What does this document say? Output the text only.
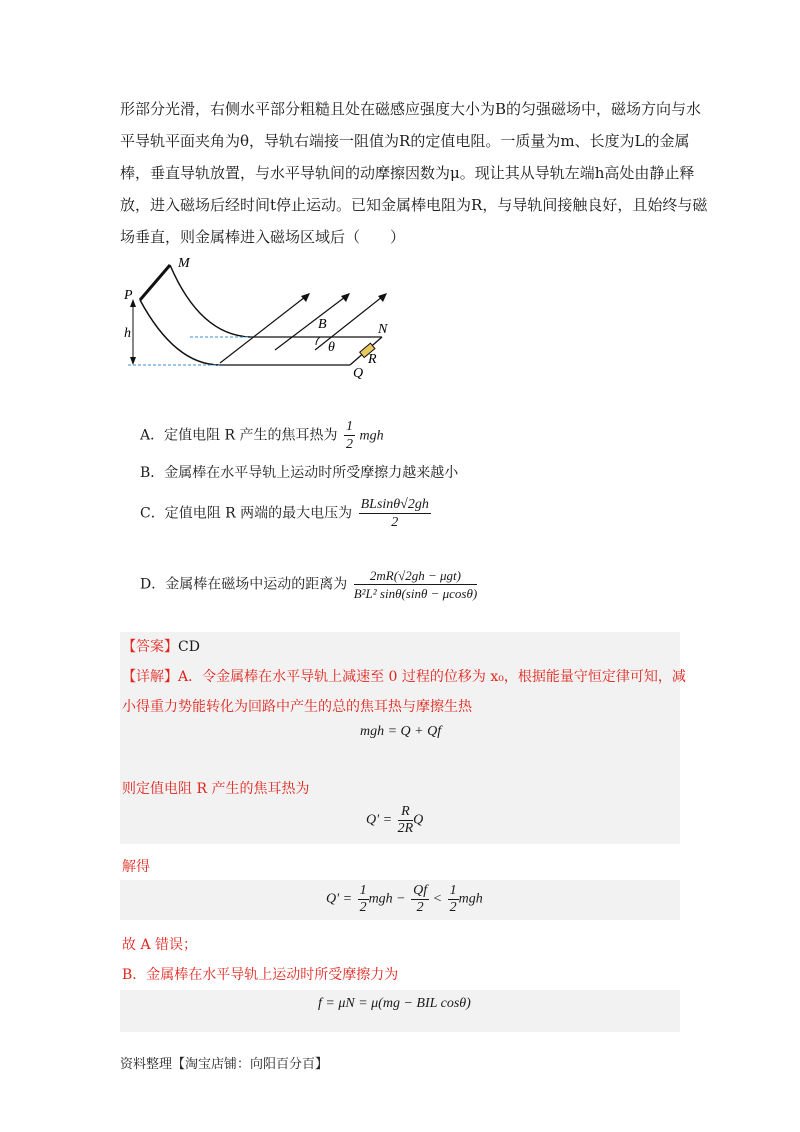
形部分光滑，右侧水平部分粗糙且处在磁感应强度大小为B的匀强磁场中，磁场方向与水
平导轨平面夹角为θ，导轨右端接一阻值为R的定值电阻。一质量为m、长度为L的金属
棒，垂直导轨放置，与水平导轨间的动摩擦因数为μ。现让其从导轨左端h高处由静止释
放，进入磁场后经时间t停止运动。已知金属棒电阻为R，与导轨间接触良好，且始终与磁
场垂直，则金属棒进入磁场区域后（　　）
M
P
h
B	N
θ
R
Q
A．定值电阻 R 产生的焦耳热为 $\frac{1}{2}$ mgh
B．金属棒在水平导轨上运动时所受摩擦力越来越小
C．定值电阻 R 两端的最大电压为 $\frac{BLsin\theta√2gh}{2}$
D．金属棒在磁场中运动的距离为 $\frac{\text{2mR(√2gh − μgt)}}{\text{B²L² sinθ(sinθ − μcosθ)}}$
【答案】CD
【详解】A．令金属棒在水平导轨上减速至 0 过程的位移为 x₀，根据能量守恒定律可知，减
小得重力势能转化为回路中产生的总的焦耳热与摩擦生热
mgh = Q + Qf
则定值电阻 R 产生的焦耳热为
$Q' = \frac{R}{2R}$ Q
解得
$Q' = \frac{1}{2}$ mgh − $\frac{Qf}{2} < \frac{1}{2}$ mgh
故 A 错误；
B．金属棒在水平导轨上运动时所受摩擦力为
f = μN = μ(mg − BIL cosθ)
资料整理【淘宝店铺：向阳百分百】
